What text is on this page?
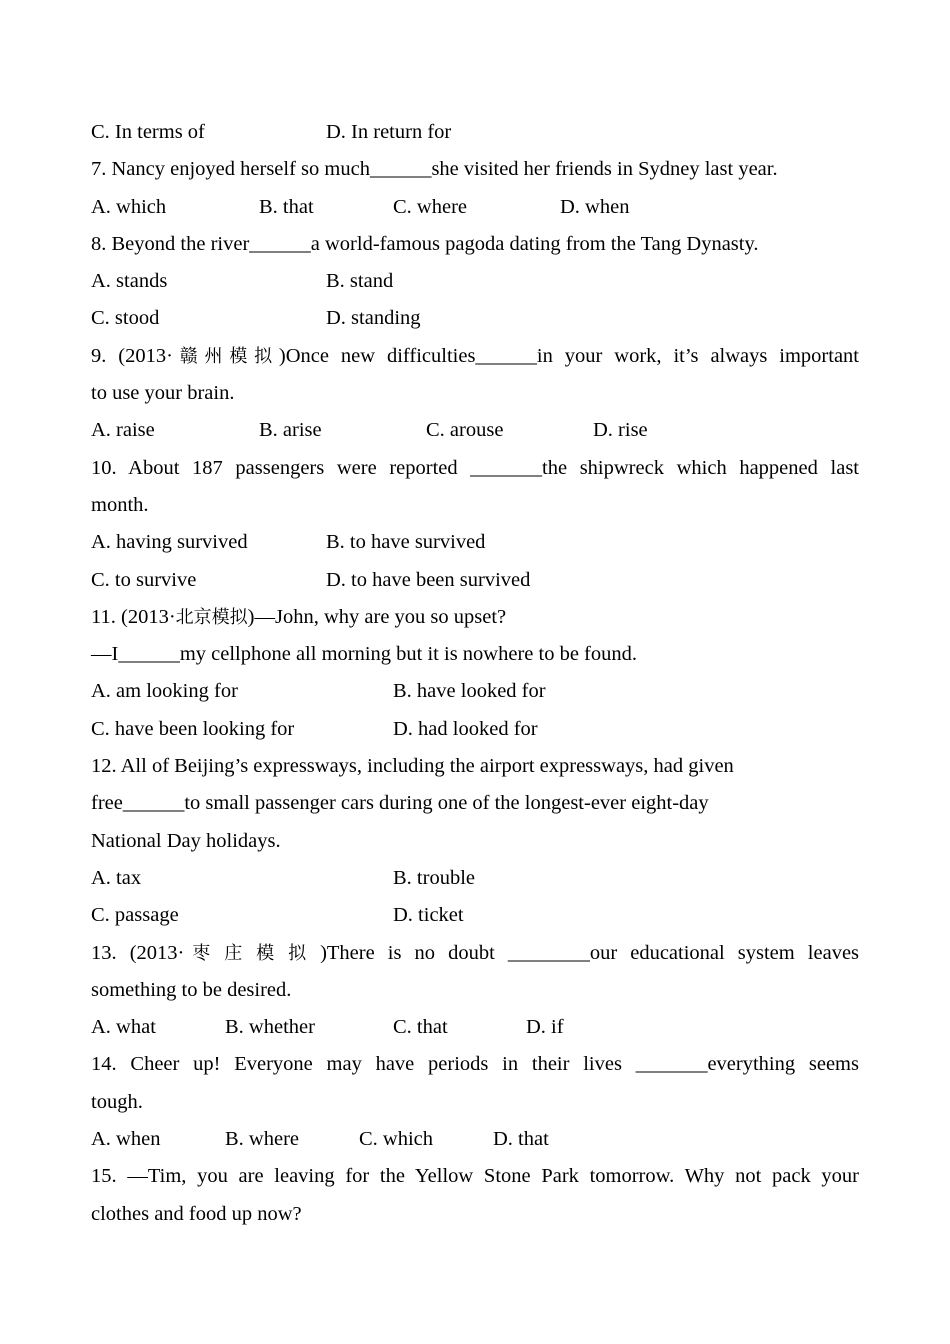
C. In terms of	D. In return for
7. Nancy enjoyed herself so much______she visited her friends in Sydney last year.
A. which	B. that	C. where	D. when
8. Beyond the river______a world-famous pagoda dating from the Tang Dynasty.
A. stands	B. stand
C. stood	D. standing
9. (2013·赣州模拟)Once new difficulties______in your work, it’s always important
to use your brain.
A. raise	B. arise	C. arouse	D. rise
10. About 187 passengers were reported _______the shipwreck which happened last
month.
A. having survived	B. to have survived
C. to survive	D. to have been survived
11. (2013·北京模拟)—John, why are you so upset?
—I______my cellphone all morning but it is nowhere to be found.
A. am looking for	B. have looked for
C. have been looking for	D. had looked for
12. All of Beijing’s expressways, including the airport expressways, had given
free______to small passenger cars during one of the longest-ever eight-day
National Day holidays.
A. tax	B. trouble
C. passage	D. ticket
13. (2013·枣庄模拟)There is no doubt ________our educational system leaves
something to be desired.
A. what	B. whether	C. that	D. if
14. Cheer up! Everyone may have periods in their lives _______everything seems
tough.
A. when	B. where	C. which	D. that
15. —Tim, you are leaving for the Yellow Stone Park tomorrow. Why not pack your
clothes and food up now?
